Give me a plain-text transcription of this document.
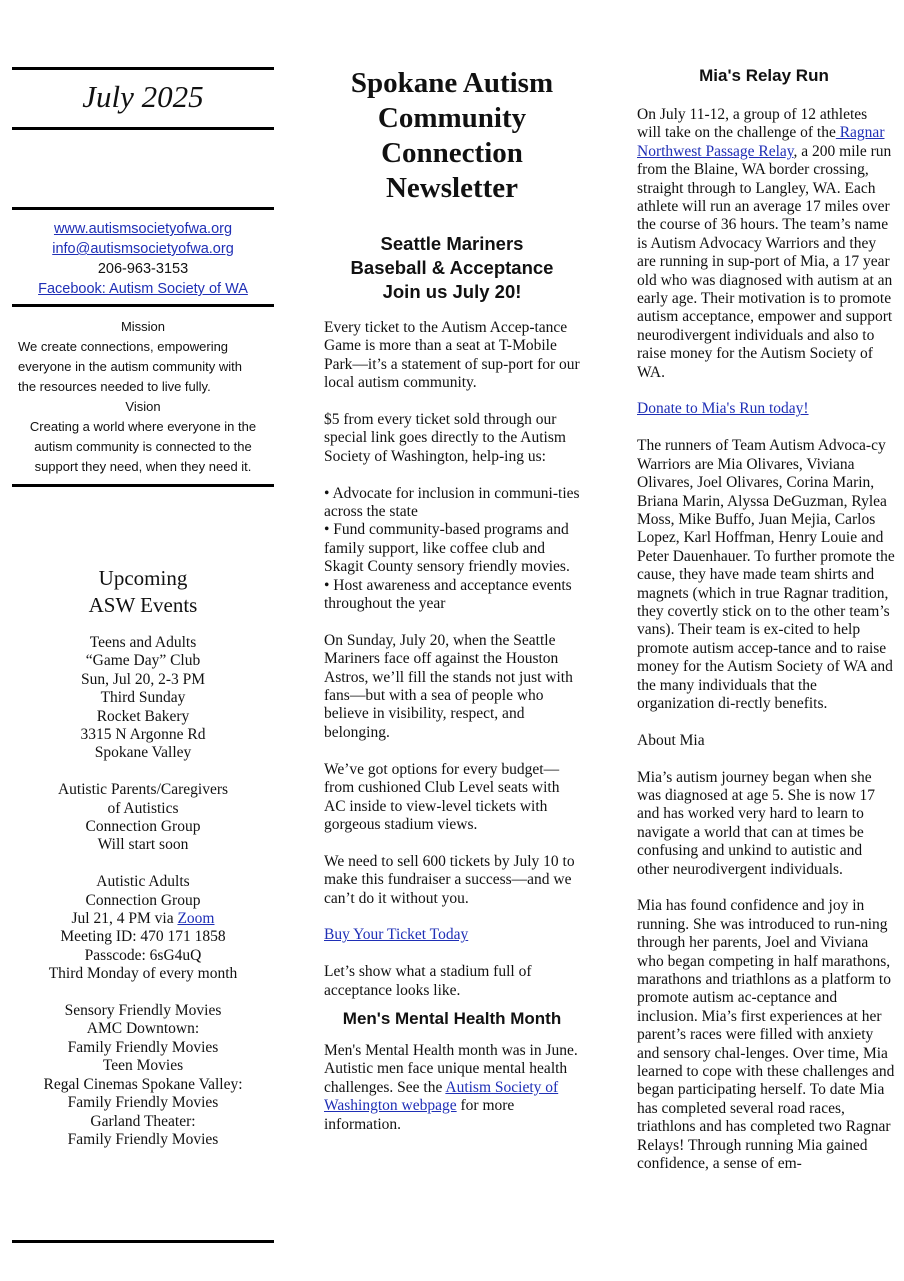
July 2025
www.autismsocietyofwa.org
info@autismsocietyofwa.org
206-963-3153
Facebook: Autism Society of WA
Mission
We create connections, empowering
everyone in the autism community with
the resources needed to live fully.
Vision
Creating a world where everyone in the
autism community is connected to the
support they need, when they need it.
Upcoming
ASW Events
Teens and Adults
“Game Day” Club
Sun, Jul 20, 2-3 PM
Third Sunday
Rocket Bakery
3315 N Argonne Rd
Spokane Valley
Autistic Parents/Caregivers
of Autistics
Connection Group
Will start soon
Autistic Adults
Connection Group
Jul 21, 4 PM via Zoom
Meeting ID: 470 171 1858
Passcode: 6sG4uQ
Third Monday of every month
Sensory Friendly Movies
AMC Downtown:
Family Friendly Movies
Teen Movies
Regal Cinemas Spokane Valley:
Family Friendly Movies
Garland Theater:
Family Friendly Movies
Spokane Autism
Community
Connection
Newsletter
Seattle Mariners
Baseball & Acceptance
Join us July 20!

Every ticket to the Autism Accep-tance Game is more than a seat at T-Mobile Park—it’s a statement of sup-port for our local autism community.

$5 from every ticket sold through our special link goes directly to the Autism Society of Washington, help-ing us:

• Advocate for inclusion in communi-ties across the state
• Fund community-based programs and family support, like coffee club and Skagit County sensory friendly movies.
• Host awareness and acceptance events throughout the year

On Sunday, July 20, when the Seattle Mariners face off against the Houston Astros, we’ll fill the stands not just with fans—but with a sea of people who believe in visibility, respect, and belonging.

We’ve got options for every budget—from cushioned Club Level seats with AC inside to view-level tickets with gorgeous stadium views.

We need to sell 600 tickets by July 10 to make this fundraiser a success—and we can’t do it without you.

Buy Your Ticket Today

Let’s show what a stadium full of acceptance looks like.

Men's Mental Health Month

Men's Mental Health month was in June. Autistic men face unique mental health challenges. See the Autism Society of Washington webpage for more information.

Mia's Relay Run

On July 11-12, a group of 12 athletes will take on the challenge of the Ragnar Northwest Passage Relay, a 200 mile run from the Blaine, WA border crossing, straight through to Langley, WA. Each athlete will run an average 17 miles over the course of 36 hours. The team’s name is Autism Advocacy Warriors and they are running in sup-port of Mia, a 17 year old who was diagnosed with autism at an early age. Their motivation is to promote autism acceptance, empower and support neurodivergent individuals and also to raise money for the Autism Society of WA.

Donate to Mia's Run today!

The runners of Team Autism Advoca-cy Warriors are Mia Olivares, Viviana Olivares, Joel Olivares, Corina Marin, Briana Marin, Alyssa DeGuzman, Rylea Moss, Mike Buffo, Juan Mejia, Carlos Lopez, Karl Hoffman, Henry Louie and Peter Dauenhauer. To further promote the cause, they have made team shirts and magnets (which in true Ragnar tradition, they covertly stick on to the other team’s vans). Their team is ex-cited to help promote autism accep-tance and to raise money for the Autism Society of WA and the many individuals that the organization di-rectly benefits.

About Mia

Mia’s autism journey began when she was diagnosed at age 5. She is now 17 and has worked very hard to learn to navigate a world that can at times be confusing and unkind to autistic and other neurodivergent individuals.

Mia has found confidence and joy in running. She was introduced to run-ning through her parents, Joel and Viviana who began competing in half marathons, marathons and triathlons as a platform to promote autism ac-ceptance and inclusion. Mia’s first experiences at her parent’s races were filled with anxiety and sensory chal-lenges. Over time, Mia learned to cope with these challenges and began participating herself. To date Mia has completed several road races, triathlons and has completed two Ragnar Relays! Through running Mia gained confidence, a sense of em-
